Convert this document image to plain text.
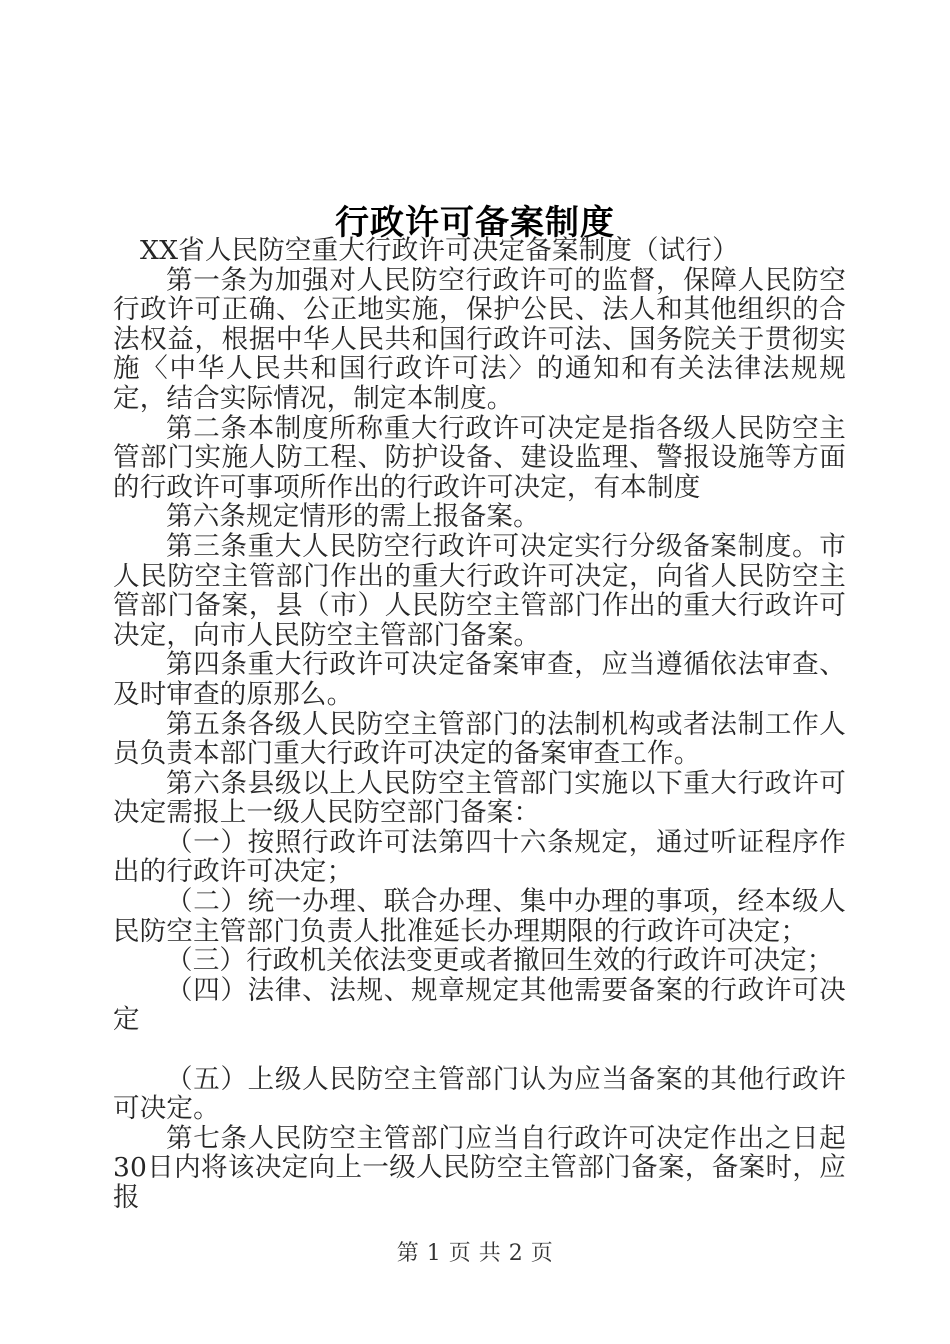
行政许可备案制度

XX省人民防空重大行政许可决定备案制度（试行）

第一条为加强对人民防空行政许可的监督，保障人民防空行政许可正确、公正地实施，保护公民、法人和其他组织的合法权益，根据中华人民共和国行政许可法、国务院关于贯彻实施〈中华人民共和国行政许可法〉的通知和有关法律法规规定，结合实际情况，制定本制度。

第二条本制度所称重大行政许可决定是指各级人民防空主管部门实施人防工程、防护设备、建设监理、警报设施等方面的行政许可事项所作出的行政许可决定，有本制度

第六条规定情形的需上报备案。

第三条重大人民防空行政许可决定实行分级备案制度。市人民防空主管部门作出的重大行政许可决定，向省人民防空主管部门备案，县（市）人民防空主管部门作出的重大行政许可决定，向市人民防空主管部门备案。

第四条重大行政许可决定备案审查，应当遵循依法审查、及时审查的原那么。

第五条各级人民防空主管部门的法制机构或者法制工作人员负责本部门重大行政许可决定的备案审查工作。

第六条县级以上人民防空主管部门实施以下重大行政许可决定需报上一级人民防空部门备案：

（一）按照行政许可法第四十六条规定，通过听证程序作出的行政许可决定；

（二）统一办理、联合办理、集中办理的事项，经本级人民防空主管部门负责人批准延长办理期限的行政许可决定；

（三）行政机关依法变更或者撤回生效的行政许可决定；

（四）法律、法规、规章规定其他需要备案的行政许可决定

（五）上级人民防空主管部门认为应当备案的其他行政许可决定。

第七条人民防空主管部门应当自行政许可决定作出之日起30日内将该决定向上一级人民防空主管部门备案，备案时，应报

第 1 页 共 2 页
